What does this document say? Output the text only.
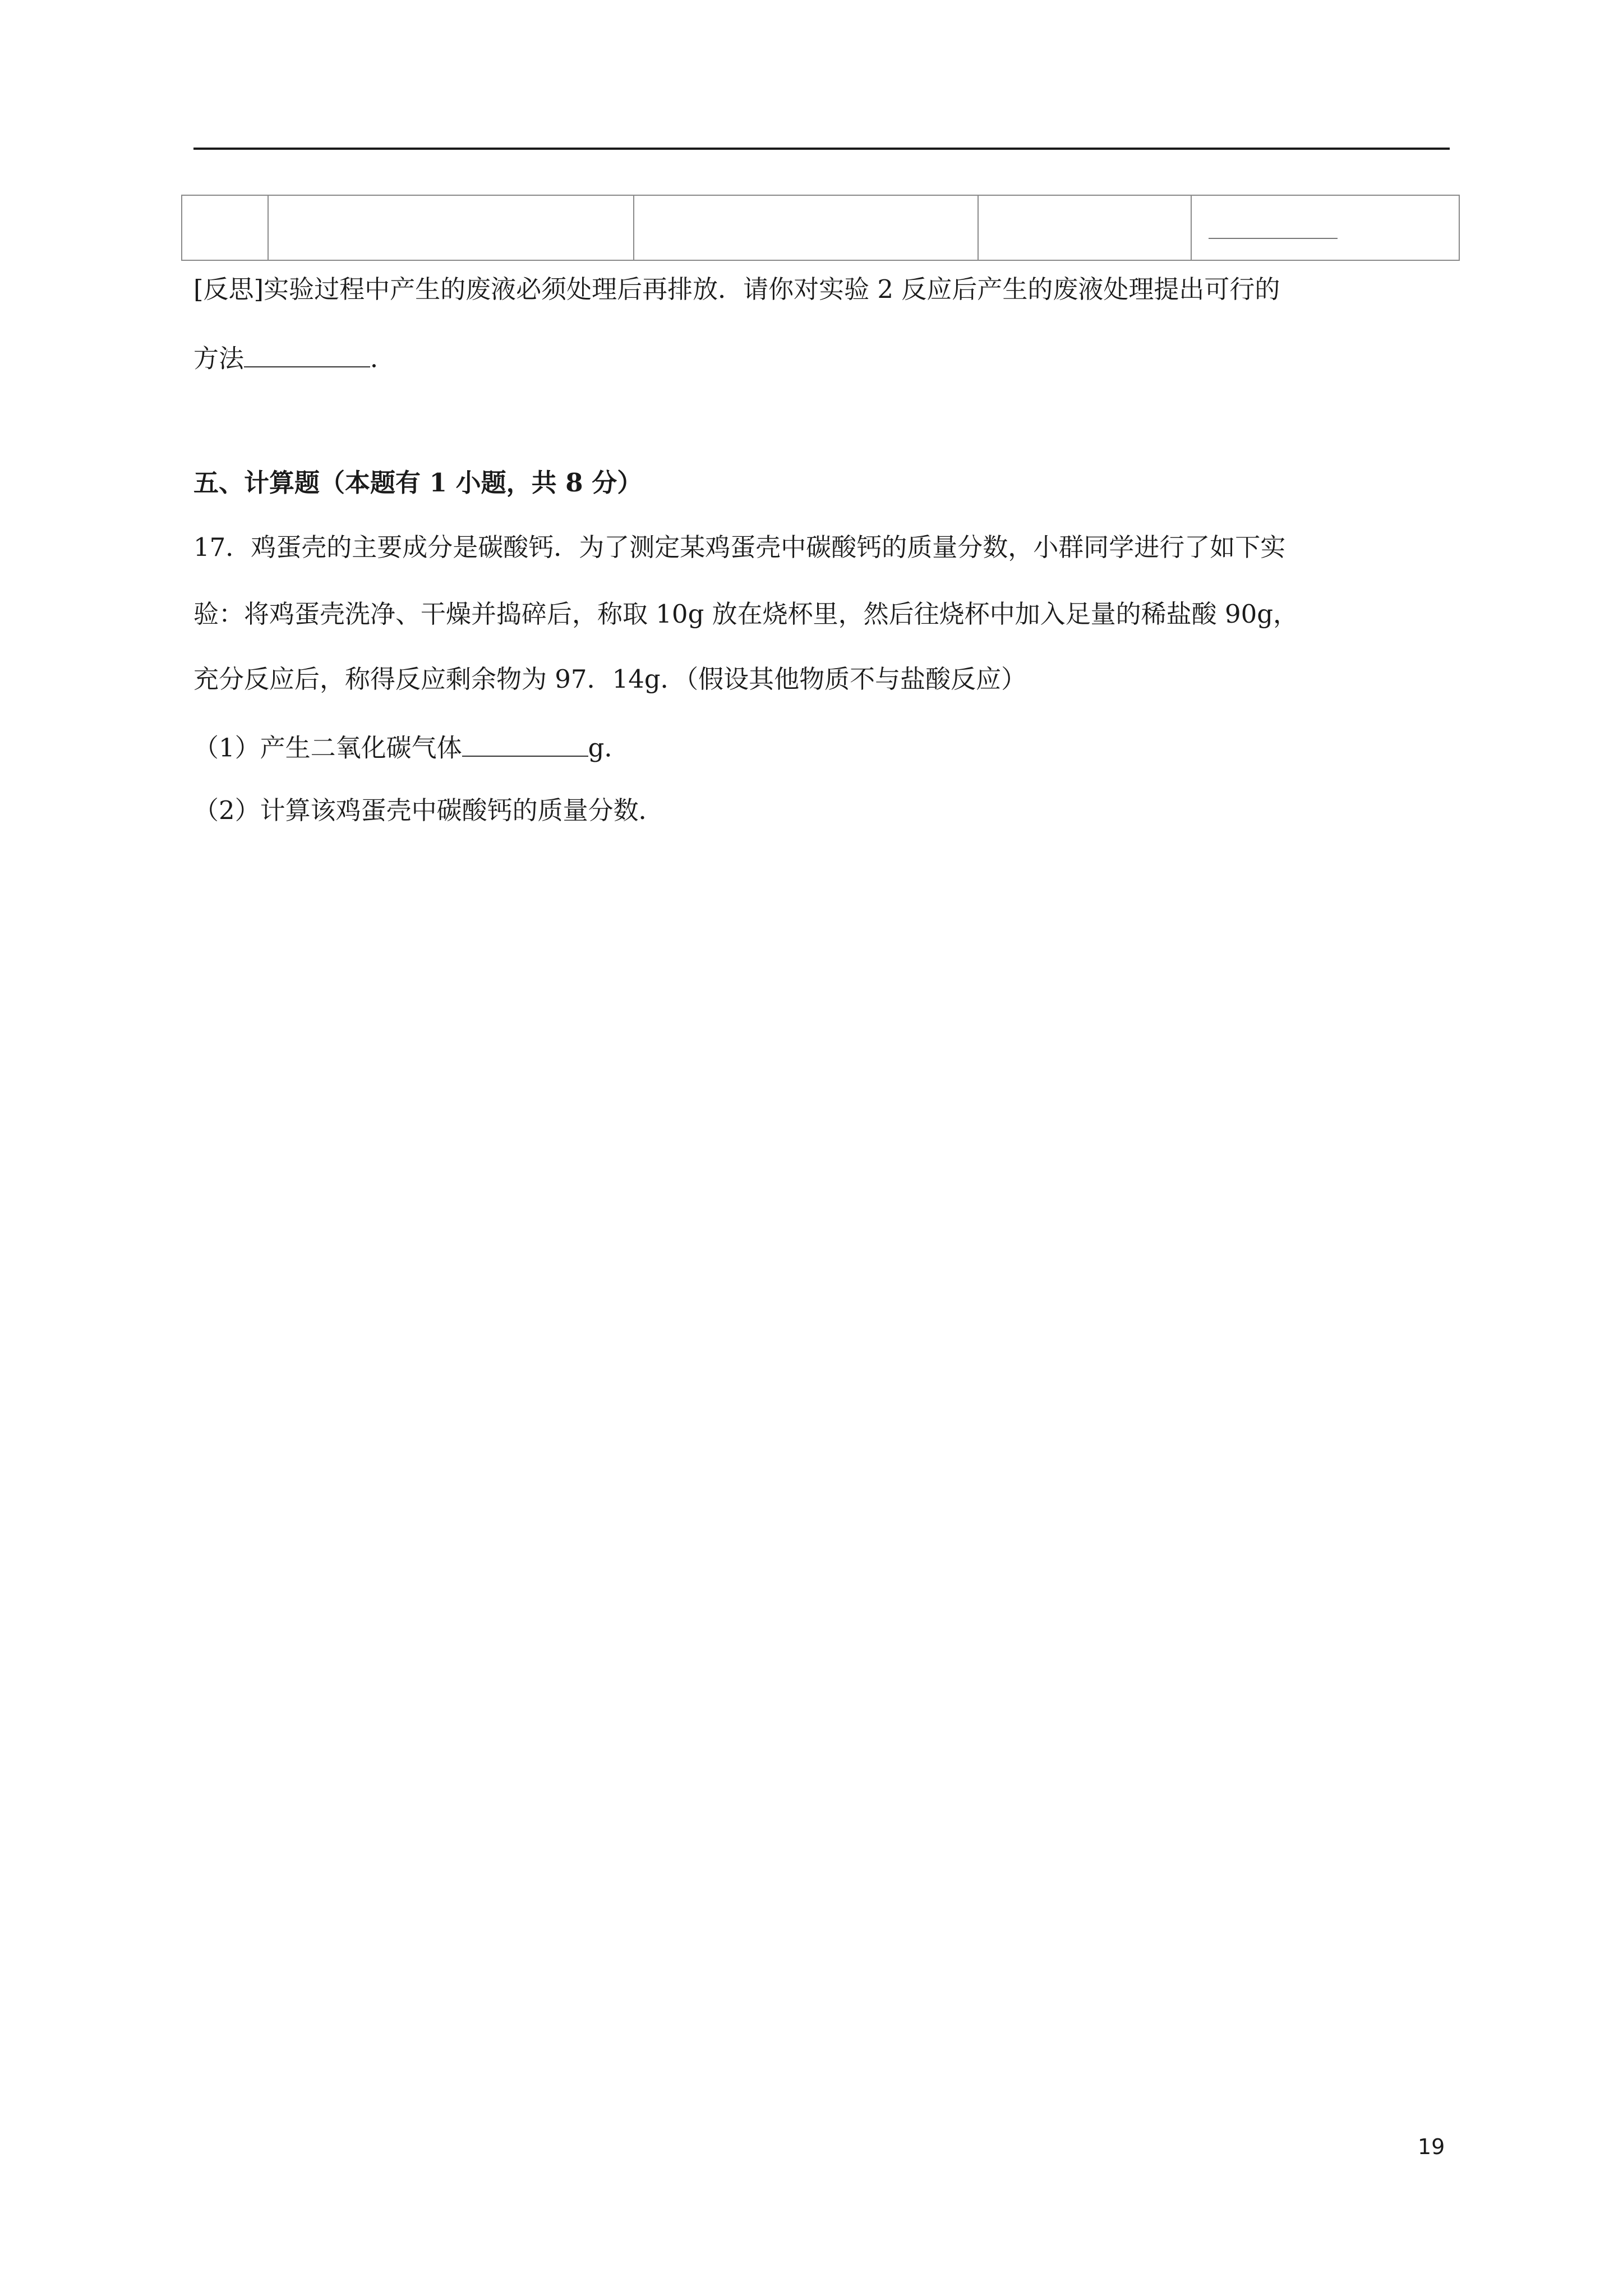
[反思]实验过程中产生的废液必须处理后再排放．请你对实验 2 反应后产生的废液处理提出可行的
方法	．
五、计算题（本题有 1 小题，共 8 分）
17．鸡蛋壳的主要成分是碳酸钙．为了测定某鸡蛋壳中碳酸钙的质量分数，小群同学进行了如下实
验：将鸡蛋壳洗净、干燥并捣碎后，称取 10g 放在烧杯里，然后往烧杯中加入足量的稀盐酸 90g，
充分反应后，称得反应剩余物为 97．14g．（假设其他物质不与盐酸反应）
（1）产生二氧化碳气体	g．
（2）计算该鸡蛋壳中碳酸钙的质量分数．
19
